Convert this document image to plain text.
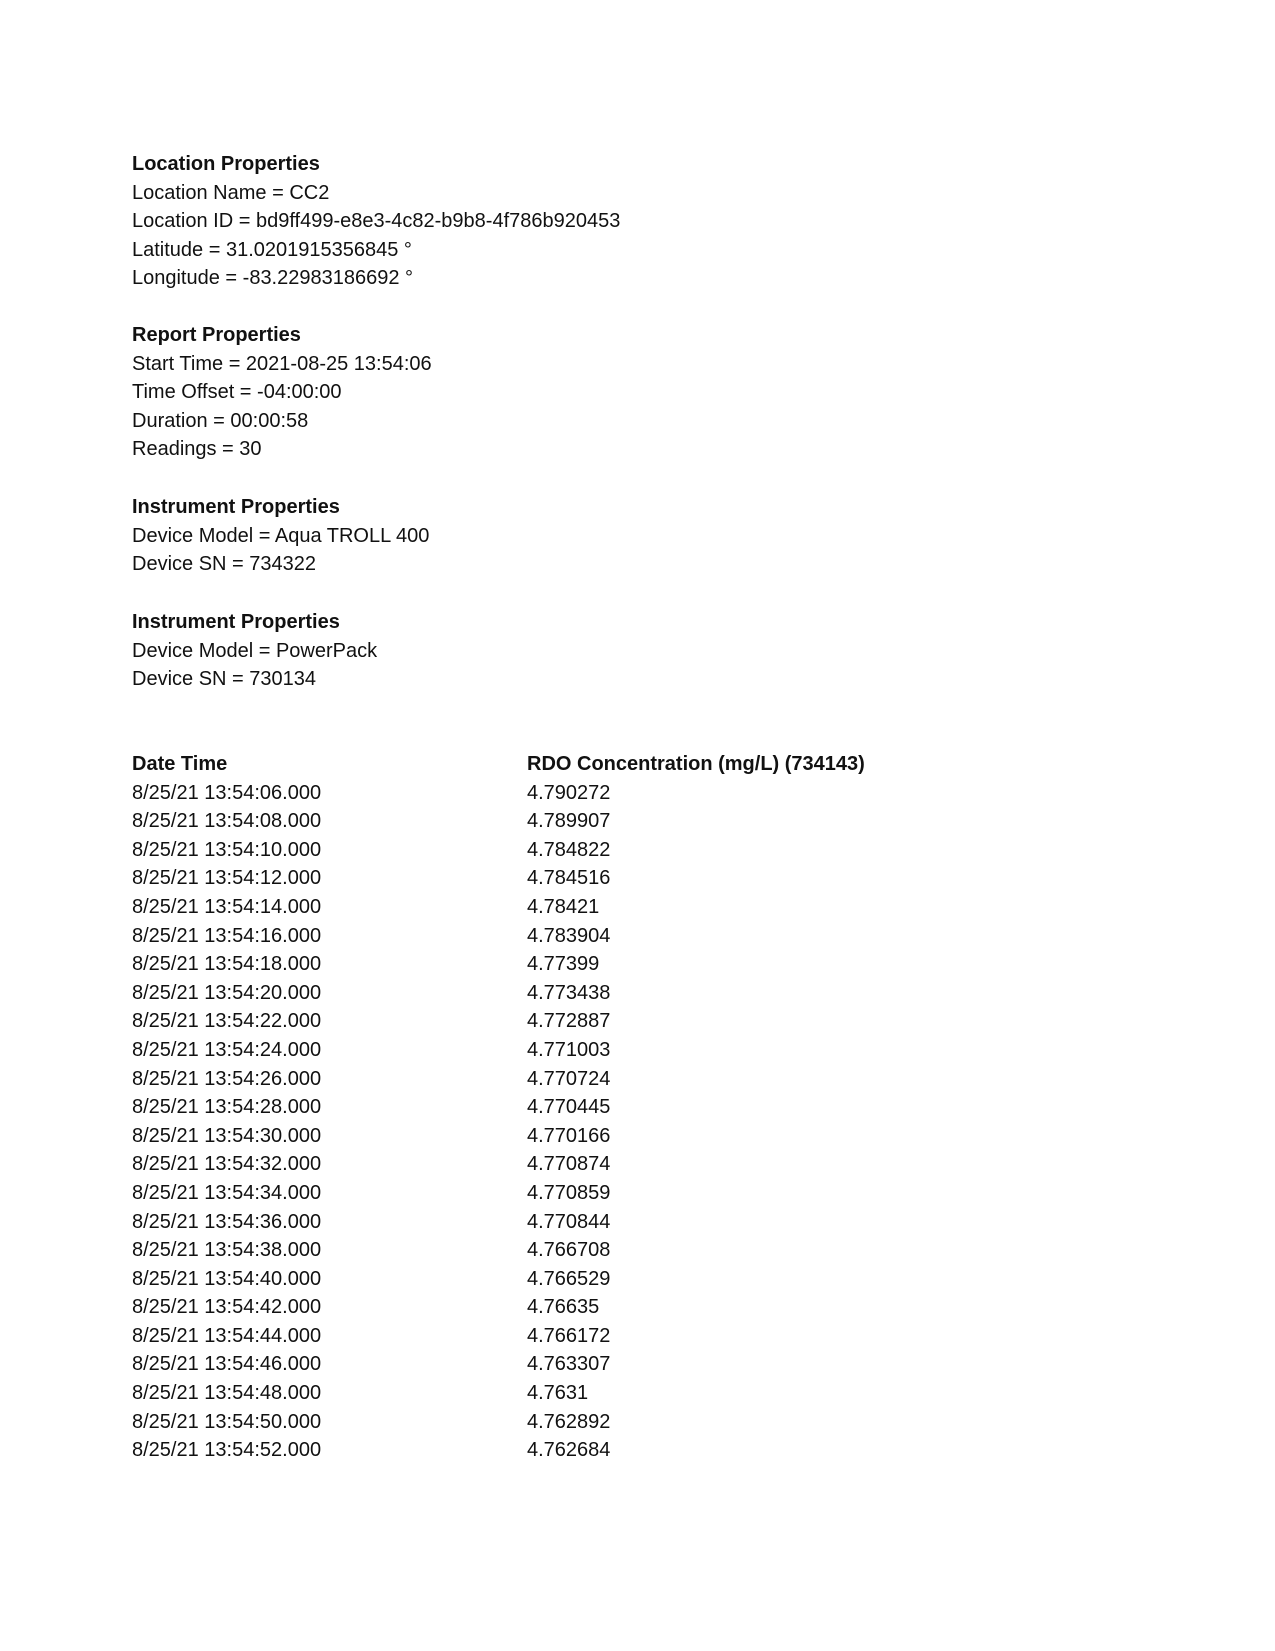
Location Properties
Location Name = CC2
Location ID = bd9ff499-e8e3-4c82-b9b8-4f786b920453
Latitude = 31.0201915356845 °
Longitude = -83.22983186692 °
Report Properties
Start Time = 2021-08-25 13:54:06
Time Offset = -04:00:00
Duration = 00:00:58
Readings = 30
Instrument Properties
Device Model = Aqua TROLL 400
Device SN = 734322
Instrument Properties
Device Model = PowerPack
Device SN = 730134
Date Time	RDO Concentration (mg/L) (734143)
8/25/21 13:54:06.000	4.790272
8/25/21 13:54:08.000	4.789907
8/25/21 13:54:10.000	4.784822
8/25/21 13:54:12.000	4.784516
8/25/21 13:54:14.000	4.78421
8/25/21 13:54:16.000	4.783904
8/25/21 13:54:18.000	4.77399
8/25/21 13:54:20.000	4.773438
8/25/21 13:54:22.000	4.772887
8/25/21 13:54:24.000	4.771003
8/25/21 13:54:26.000	4.770724
8/25/21 13:54:28.000	4.770445
8/25/21 13:54:30.000	4.770166
8/25/21 13:54:32.000	4.770874
8/25/21 13:54:34.000	4.770859
8/25/21 13:54:36.000	4.770844
8/25/21 13:54:38.000	4.766708
8/25/21 13:54:40.000	4.766529
8/25/21 13:54:42.000	4.76635
8/25/21 13:54:44.000	4.766172
8/25/21 13:54:46.000	4.763307
8/25/21 13:54:48.000	4.7631
8/25/21 13:54:50.000	4.762892
8/25/21 13:54:52.000	4.762684
